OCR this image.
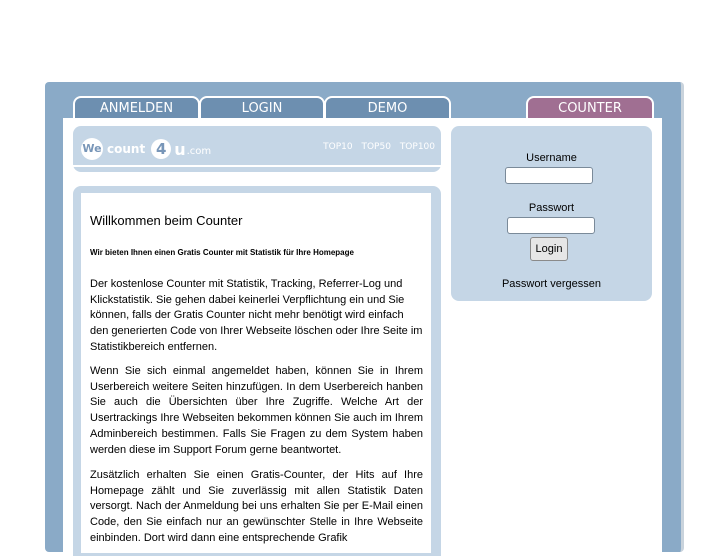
ANMELDEN	LOGIN	DEMO	COUNTER
We count 4 u .com	TOP10 TOP50 TOP100
Willkommen beim Counter
Wir bieten Ihnen einen Gratis Counter mit Statistik für Ihre Homepage
Der kostenlose Counter mit Statistik, Tracking, Referrer-Log und Klickstatistik. Sie gehen dabei keinerlei Verpflichtung ein und Sie können, falls der Gratis Counter nicht mehr benötigt wird einfach den generierten Code von Ihrer Webseite löschen oder Ihre Seite im Statistikbereich entfernen.
Wenn Sie sich einmal angemeldet haben, können Sie in Ihrem Userbereich weitere Seiten hinzufügen. In dem Userbereich hanben Sie auch die Übersichten über Ihre Zugriffe. Welche Art der Usertrackings Ihre Webseiten bekommen können Sie auch im Ihrem Adminbereich bestimmen. Falls Sie Fragen zu dem System haben werden diese im Support Forum gerne beantwortet.
Zusätzlich erhalten Sie einen Gratis-Counter, der Hits auf Ihre Homepage zählt und Sie zuverlässig mit allen Statistik Daten versorgt. Nach der Anmeldung bei uns erhalten Sie per E-Mail einen Code, den Sie einfach nur an gewünschter Stelle in Ihre Webseite einbinden. Dort wird dann eine entsprechende Grafik
Username
Passwort
Login
Passwort vergessen
